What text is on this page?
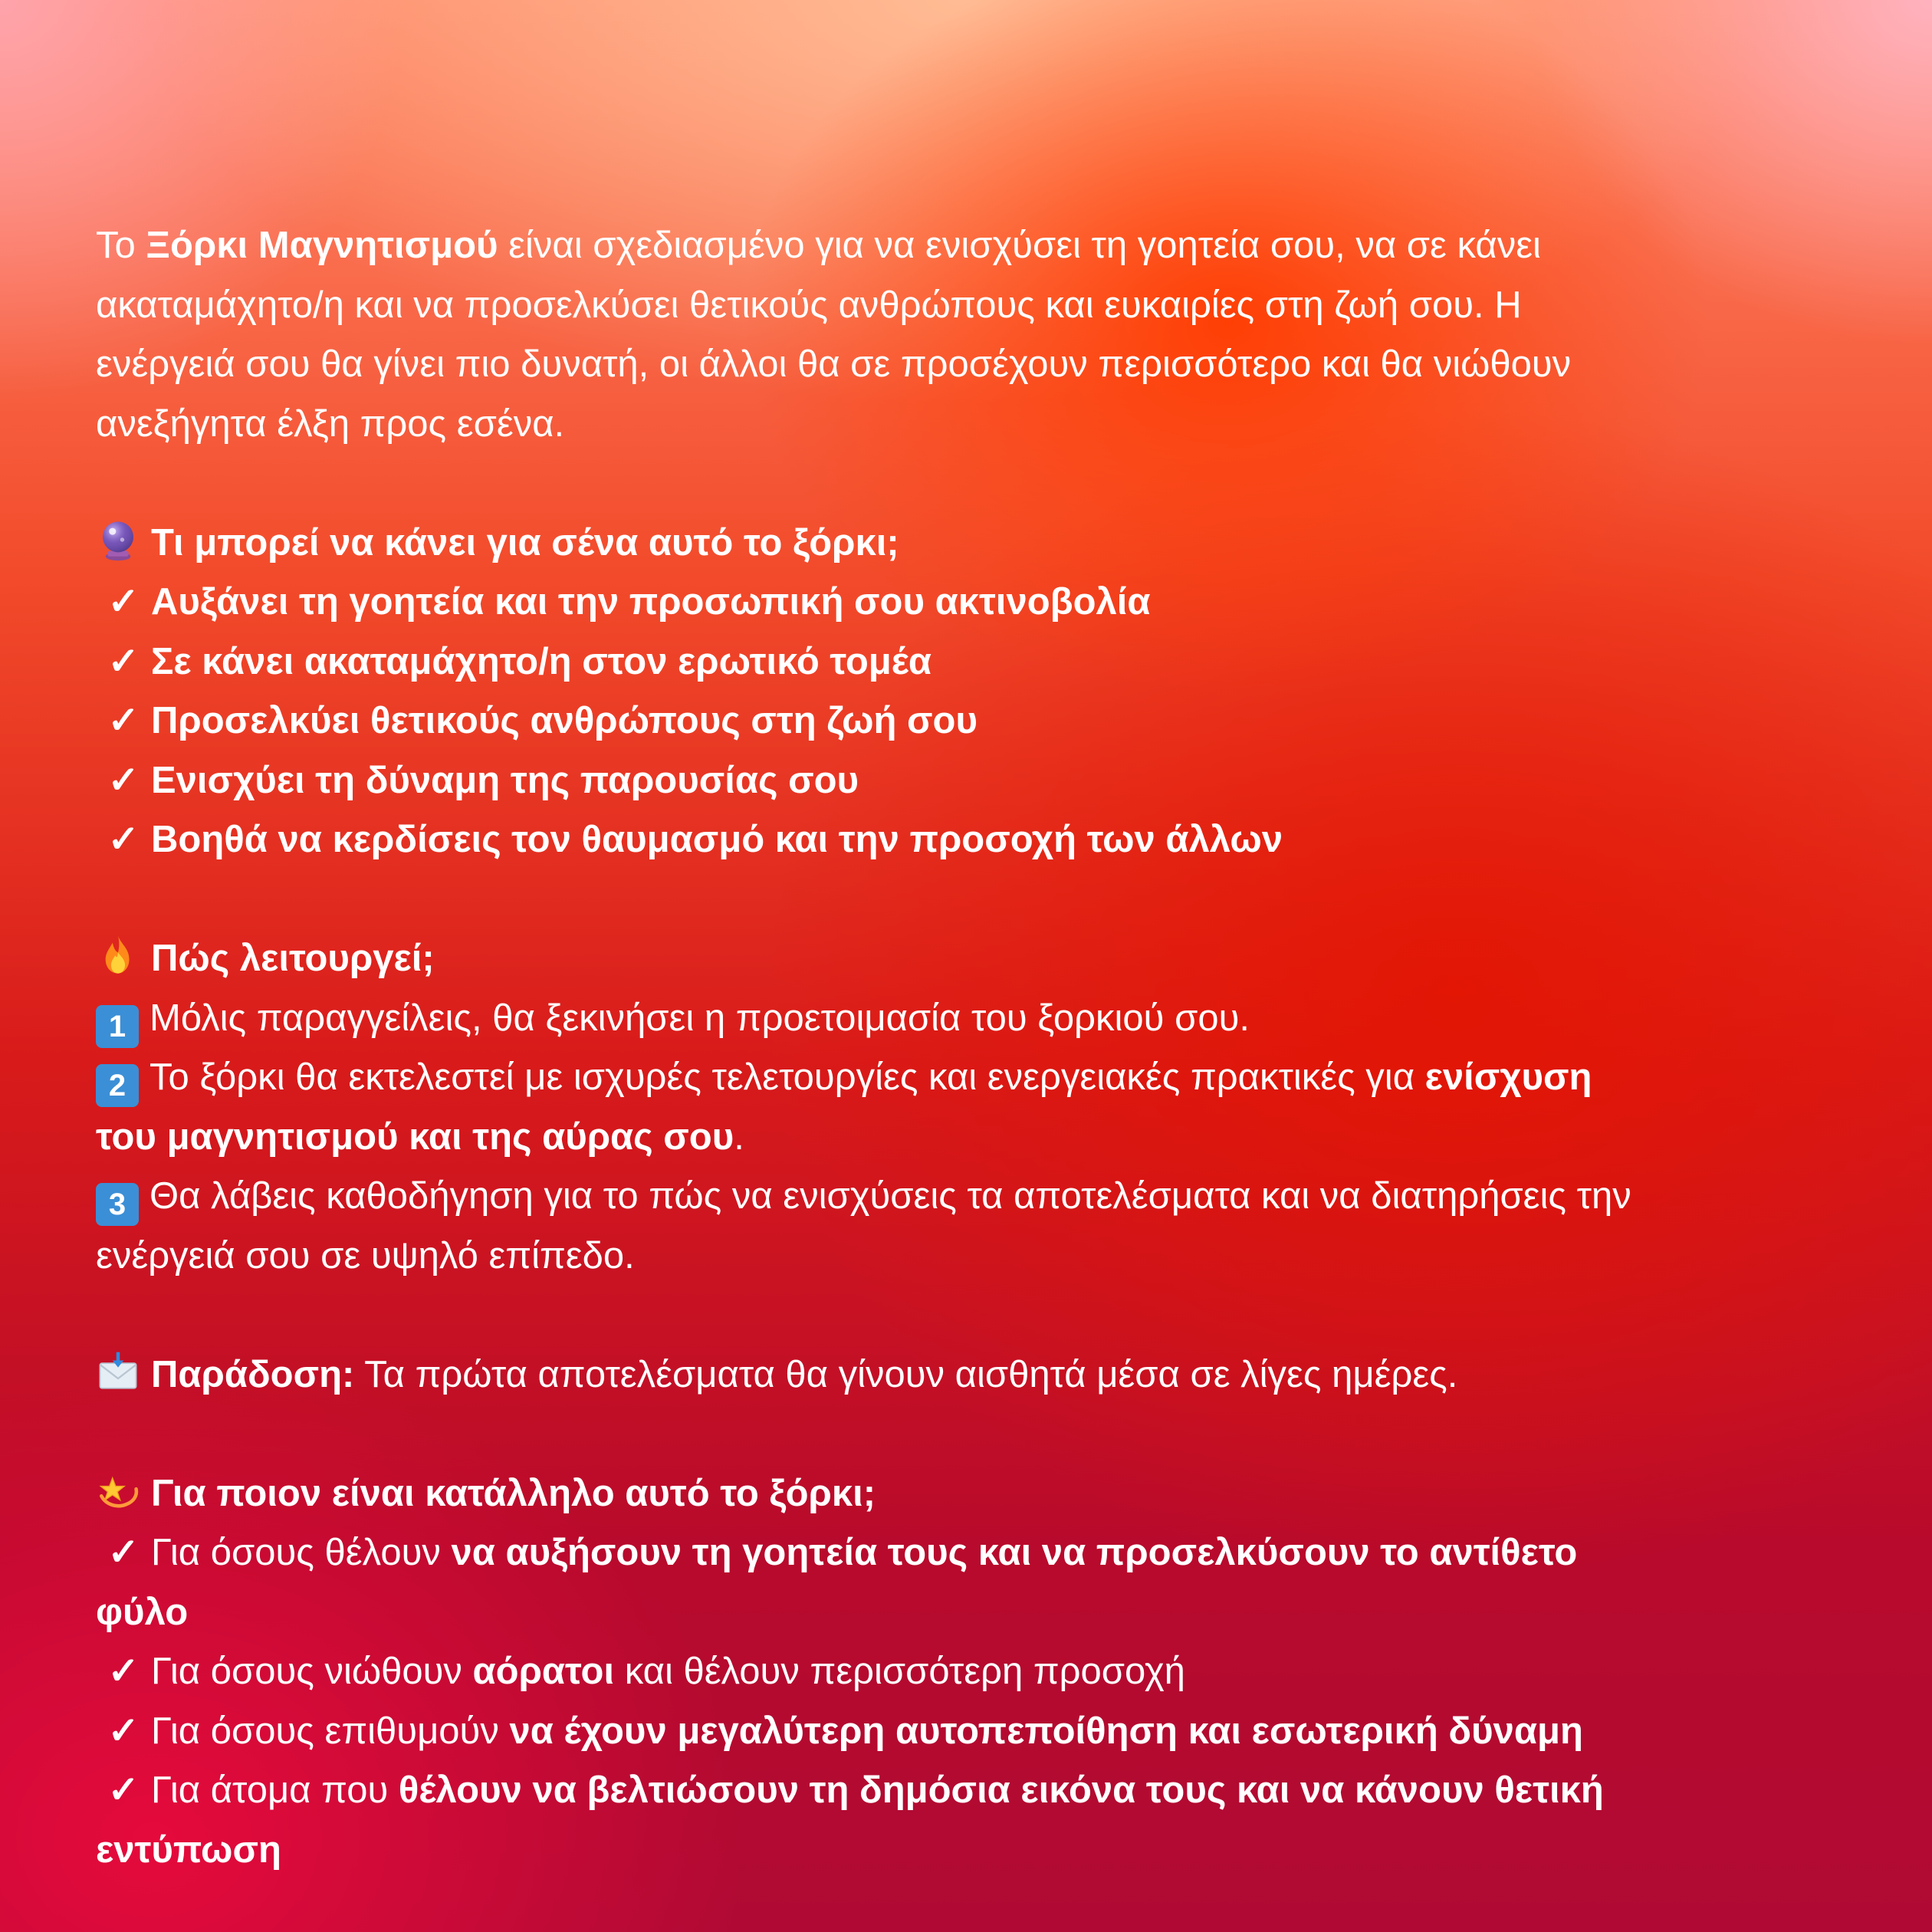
Το Ξόρκι Μαγνητισμού είναι σχεδιασμένο για να ενισχύσει τη γοητεία σου, να σε κάνει
ακαταμάχητο/η και να προσελκύσει θετικούς ανθρώπους και ευκαιρίες στη ζωή σου. Η
ενέργειά σου θα γίνει πιο δυνατή, οι άλλοι θα σε προσέχουν περισσότερο και θα νιώθουν
ανεξήγητα έλξη προς εσένα.
Τι μπορεί να κάνει για σένα αυτό το ξόρκι;
✓ Αυξάνει τη γοητεία και την προσωπική σου ακτινοβολία
✓ Σε κάνει ακαταμάχητο/η στον ερωτικό τομέα
✓ Προσελκύει θετικούς ανθρώπους στη ζωή σου
✓ Ενισχύει τη δύναμη της παρουσίας σου
✓ Βοηθά να κερδίσεις τον θαυμασμό και την προσοχή των άλλων
Πώς λειτουργεί;
1 Μόλις παραγγείλεις, θα ξεκινήσει η προετοιμασία του ξορκιού σου.
2 Το ξόρκι θα εκτελεστεί με ισχυρές τελετουργίες και ενεργειακές πρακτικές για ενίσχυση
του μαγνητισμού και της αύρας σου.
3 Θα λάβεις καθοδήγηση για το πώς να ενισχύσεις τα αποτελέσματα και να διατηρήσεις την
ενέργειά σου σε υψηλό επίπεδο.
Παράδοση: Τα πρώτα αποτελέσματα θα γίνουν αισθητά μέσα σε λίγες ημέρες.
Για ποιον είναι κατάλληλο αυτό το ξόρκι;
✓ Για όσους θέλουν να αυξήσουν τη γοητεία τους και να προσελκύσουν το αντίθετο
φύλο
✓ Για όσους νιώθουν αόρατοι και θέλουν περισσότερη προσοχή
✓ Για όσους επιθυμούν να έχουν μεγαλύτερη αυτοπεποίθηση και εσωτερική δύναμη
✓ Για άτομα που θέλουν να βελτιώσουν τη δημόσια εικόνα τους και να κάνουν θετική
εντύπωση
